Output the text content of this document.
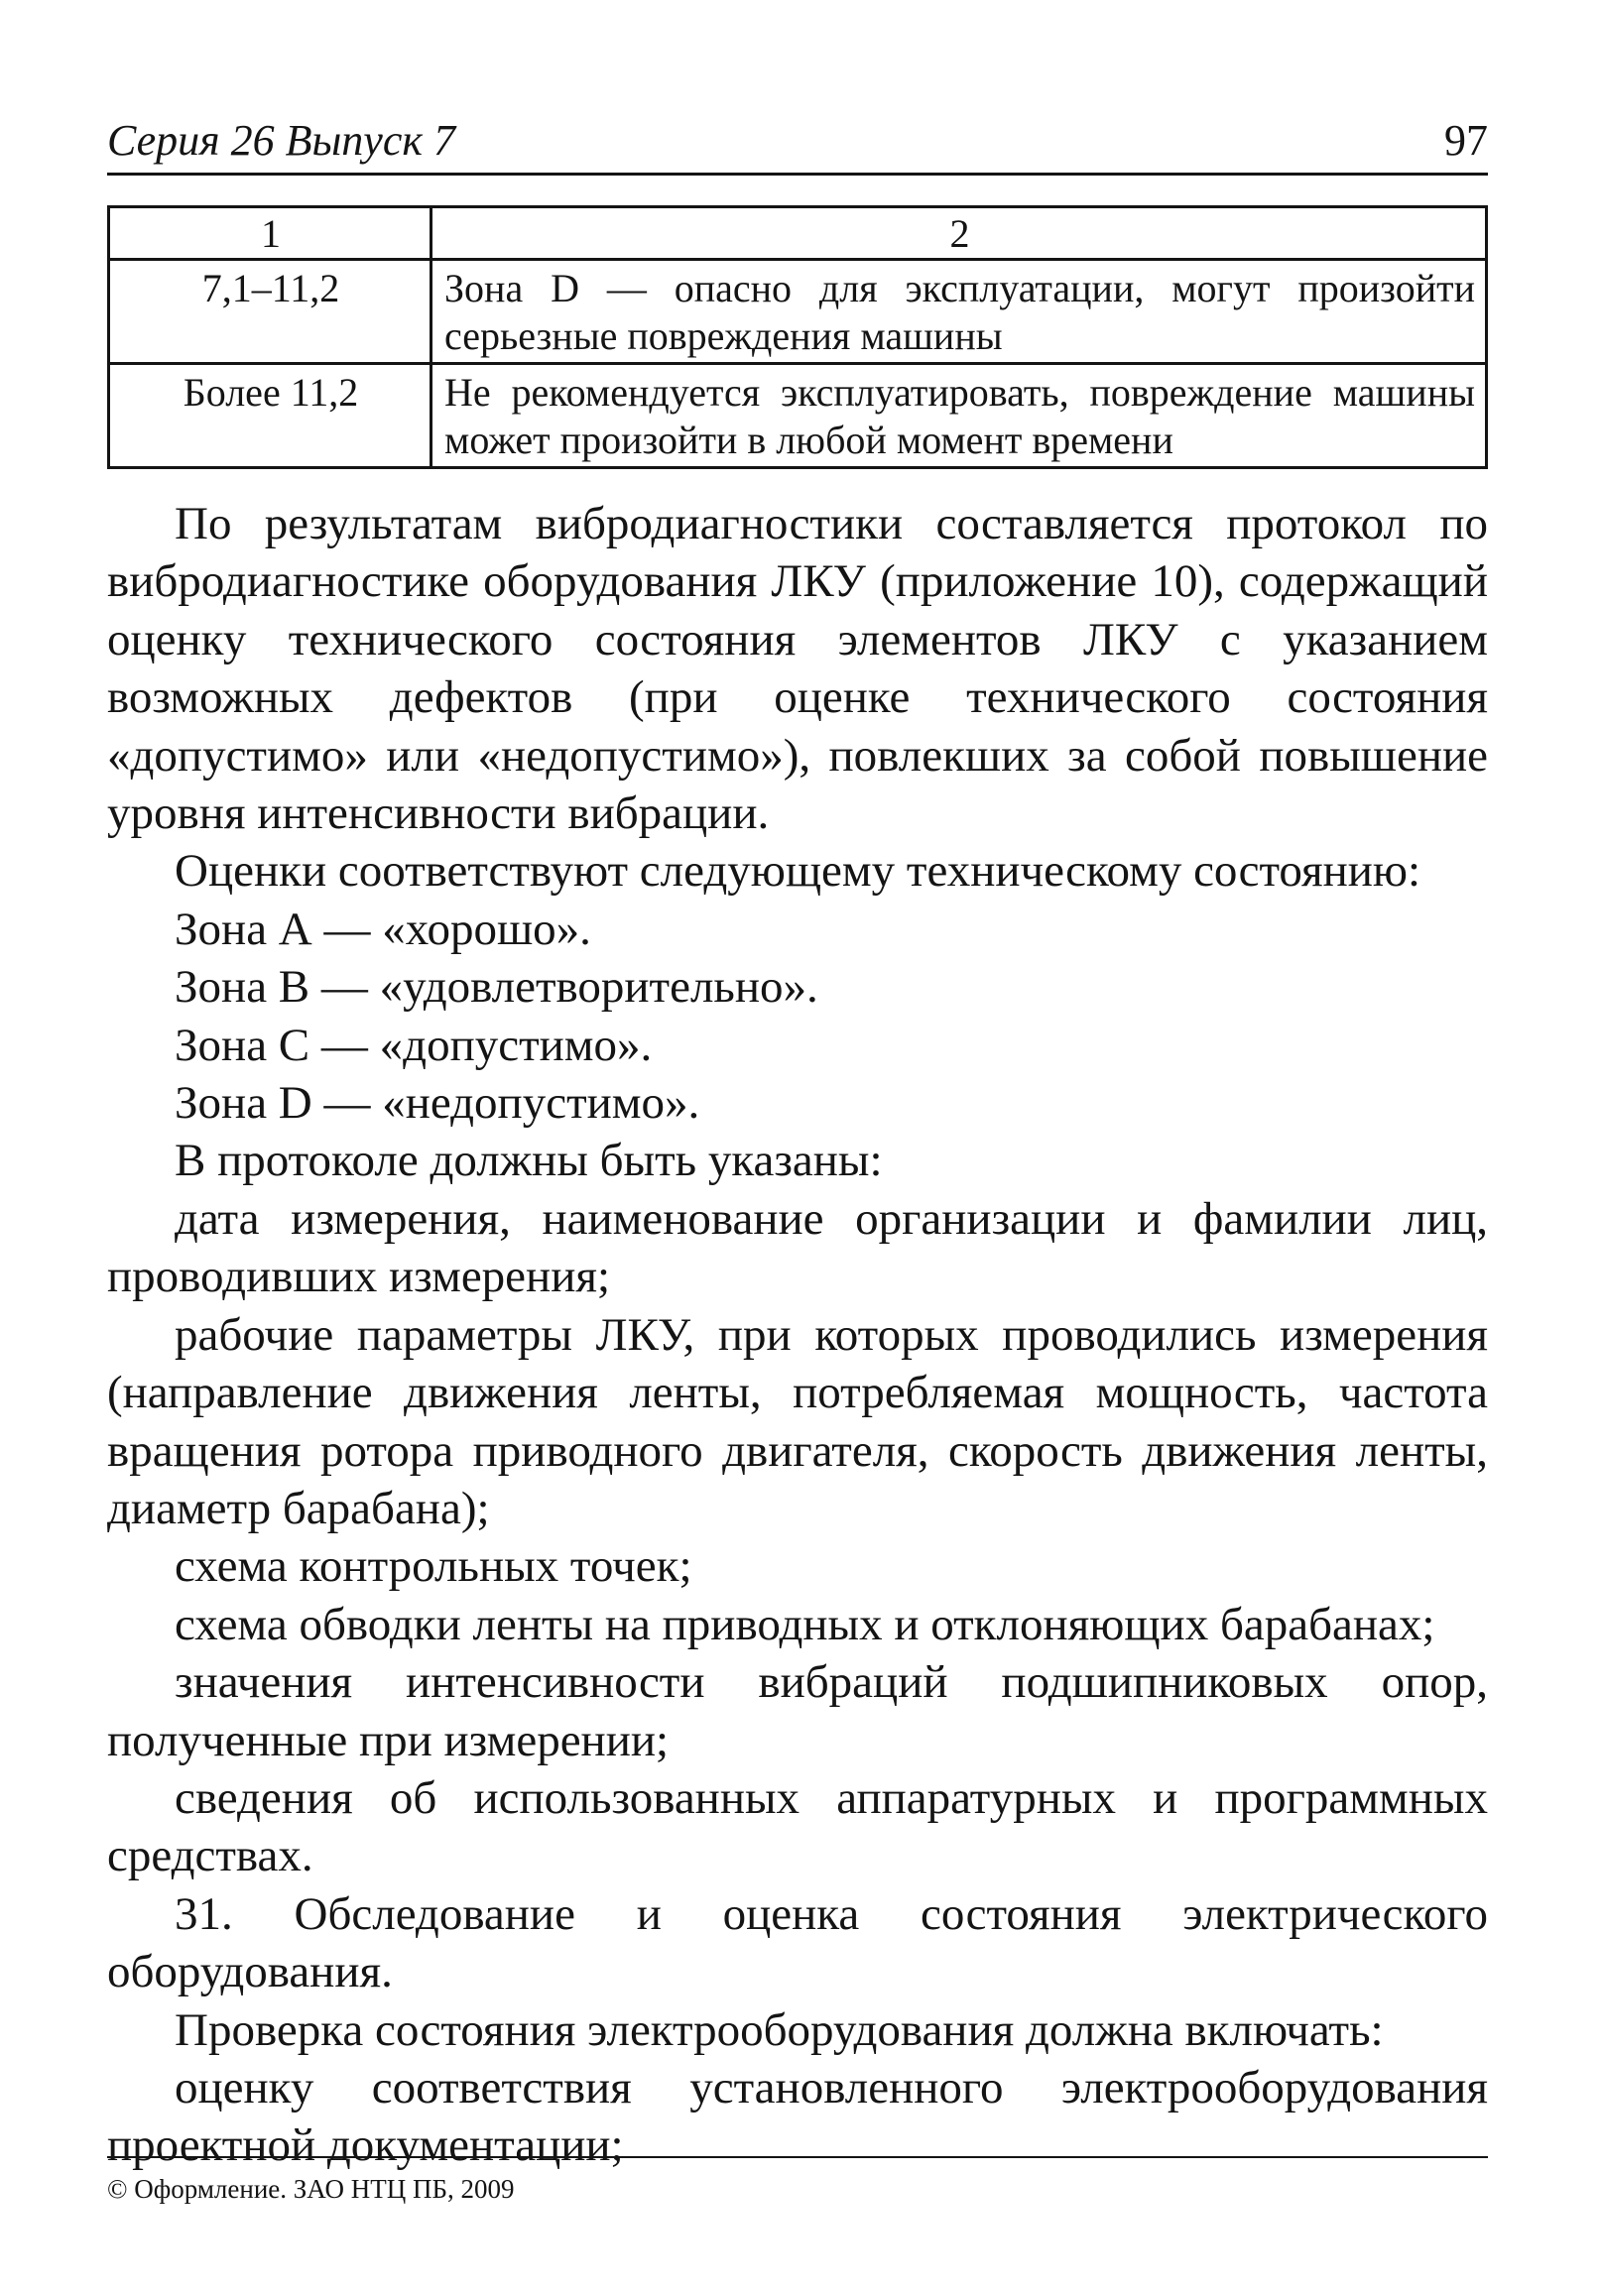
Серия 26 Выпуск 7	97
1	2
7,1–11,2	Зона D — опасно для эксплуатации, могут произойти серьезные повреждения машины
Более 11,2	Не рекомендуется эксплуатировать, повреждение машины может произойти в любой момент времени

По результатам вибродиагностики составляется протокол по вибродиагностике оборудования ЛКУ (приложение 10), содержащий оценку технического состояния элементов ЛКУ с указанием возможных дефектов (при оценке технического состояния «допустимо» или «недопустимо»), повлекших за собой повышение уровня интенсивности вибрации.

Оценки соответствуют следующему техническому состоянию:

Зона А — «хорошо».

Зона В — «удовлетворительно».

Зона С — «допустимо».

Зона D — «недопустимо».

В протоколе должны быть указаны:

дата измерения, наименование организации и фамилии лиц, проводивших измерения;

рабочие параметры ЛКУ, при которых проводились измерения (направление движения ленты, потребляемая мощность, частота вращения ротора приводного двигателя, скорость движения ленты, диаметр барабана);

схема контрольных точек;

схема обводки ленты на приводных и отклоняющих барабанах;

значения интенсивности вибраций подшипниковых опор, полученные при измерении;

сведения об использованных аппаратурных и программных средствах.

31. Обследование и оценка состояния электрического оборудования.

Проверка состояния электрооборудования должна включать:

оценку соответствия установленного электрооборудования проектной документации;

© Оформление. ЗАО НТЦ ПБ, 2009
